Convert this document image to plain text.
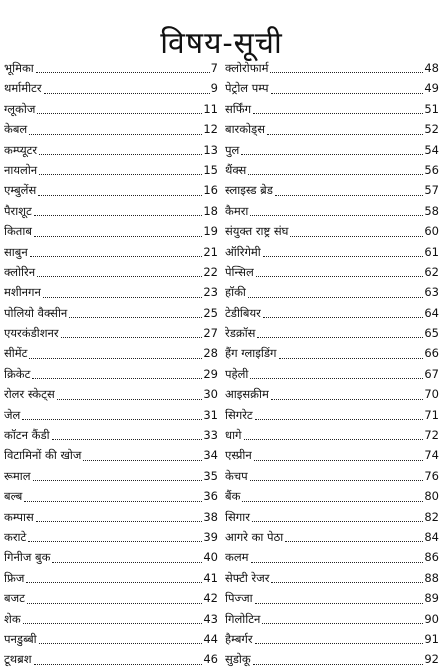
विषय-सूची
भूमिका	7
थर्मामीटर	9
ग्लूकोज	11
केबल	12
कम्प्यूटर	13
नायलोन	15
एम्बुलेंस	16
पैराशूट	18
किताब	19
साबुन	21
क्लोरिन	22
मशीनगन	23
पोलियो वैक्सीन	25
एयरकंडीशनर	27
सीमेंट	28
क्रिकेट	29
रोलर स्केट्स	30
जेल	31
कॉटन कैंडी	33
विटामिनों की खोज	34
रूमाल	35
बल्ब	36
कम्पास	38
कराटे	39
गिनीज बुक	40
फ्रिज	41
बजट	42
शेक	43
पनडुब्बी	44
टूथब्रश	46
क्लोरोफार्म	48
पेट्रोल पम्प	49
सर्फिंग	51
बारकोड्स	52
पुल	54
थैंक्स	56
स्लाइस्ड ब्रेड	57
कैमरा	58
संयुक्त राष्ट्र संघ	60
ऑरिगेमी	61
पेन्सिल	62
हॉकी	63
टेडीबियर	64
रेडक्रॉस	65
हैंग ग्लाइडिंग	66
पहेली	67
आइसक्रीम	70
सिगरेट	71
धागे	72
एस्प्रीन	74
केचप	76
बैंक	80
सिगार	82
आगरे का पेठा	84
कलम	86
सेफ्टी रेजर	88
पिज्जा	89
गिलोटिन	90
हैम्बर्गर	91
सुडोकू	92
